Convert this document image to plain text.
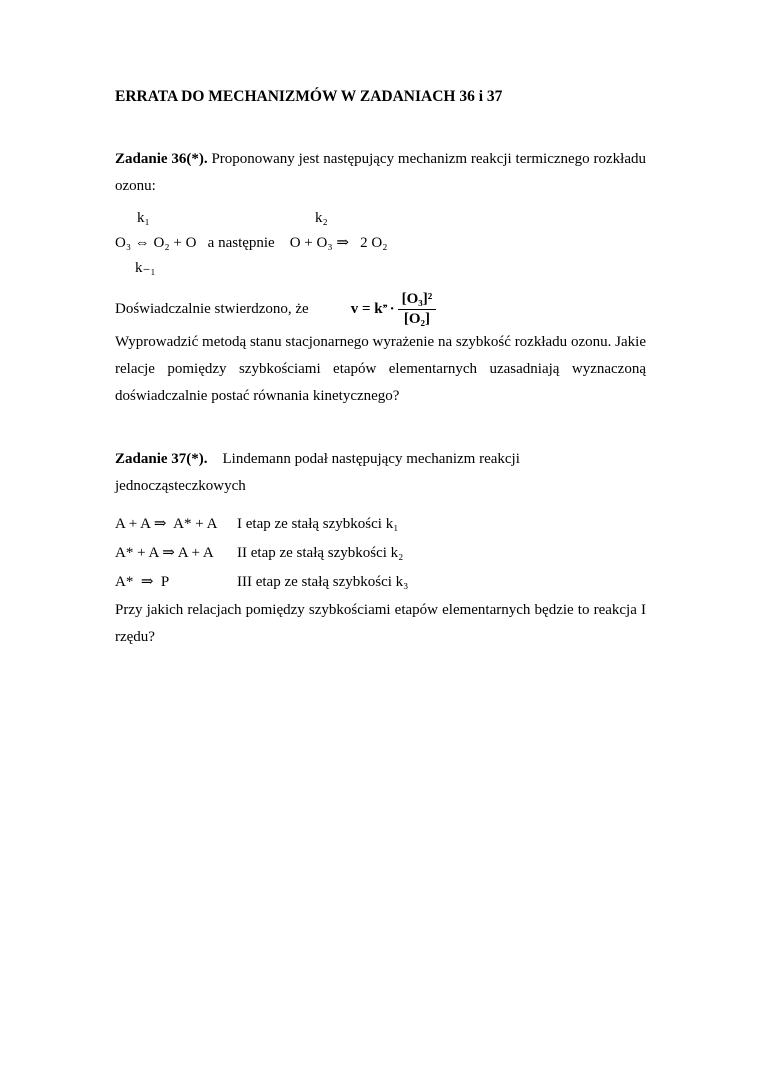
ERRATA DO MECHANIZMÓW W ZADANIACH 36 i 37

Zadanie 36(*). Proponowany jest następujący mechanizm reakcji termicznego rozkładu ozonu:

k₁	k₂
O₃ ⇔ O₂ + O   a następnie    O + O₃ ⇒   2 O₂
k₋₁
Doświadczalnie stwierdzono, że	v = k ,, · $\frac{\text{[O₃]²}}{\text{[O₂]}}$

Wyprowadzić metodą stanu stacjonarnego wyrażenie na szybkość rozkładu ozonu. Jakie relacje pomiędzy szybkościami etapów elementarnych uzasadniają wyznaczoną doświadczalnie postać równania kinetycznego?

Zadanie 37(*). Lindemann podał następujący mechanizm reakcji

jednocząsteczkowych

A + A ⇒  A* + A I etap ze stałą szybkości k₁
A* + A ⇒ A + A II etap ze stałą szybkości k₂
A*  ⇒  P	III etap ze stałą szybkości k₃

Przy jakich relacjach pomiędzy szybkościami etapów elementarnych będzie to reakcja I rzędu?
